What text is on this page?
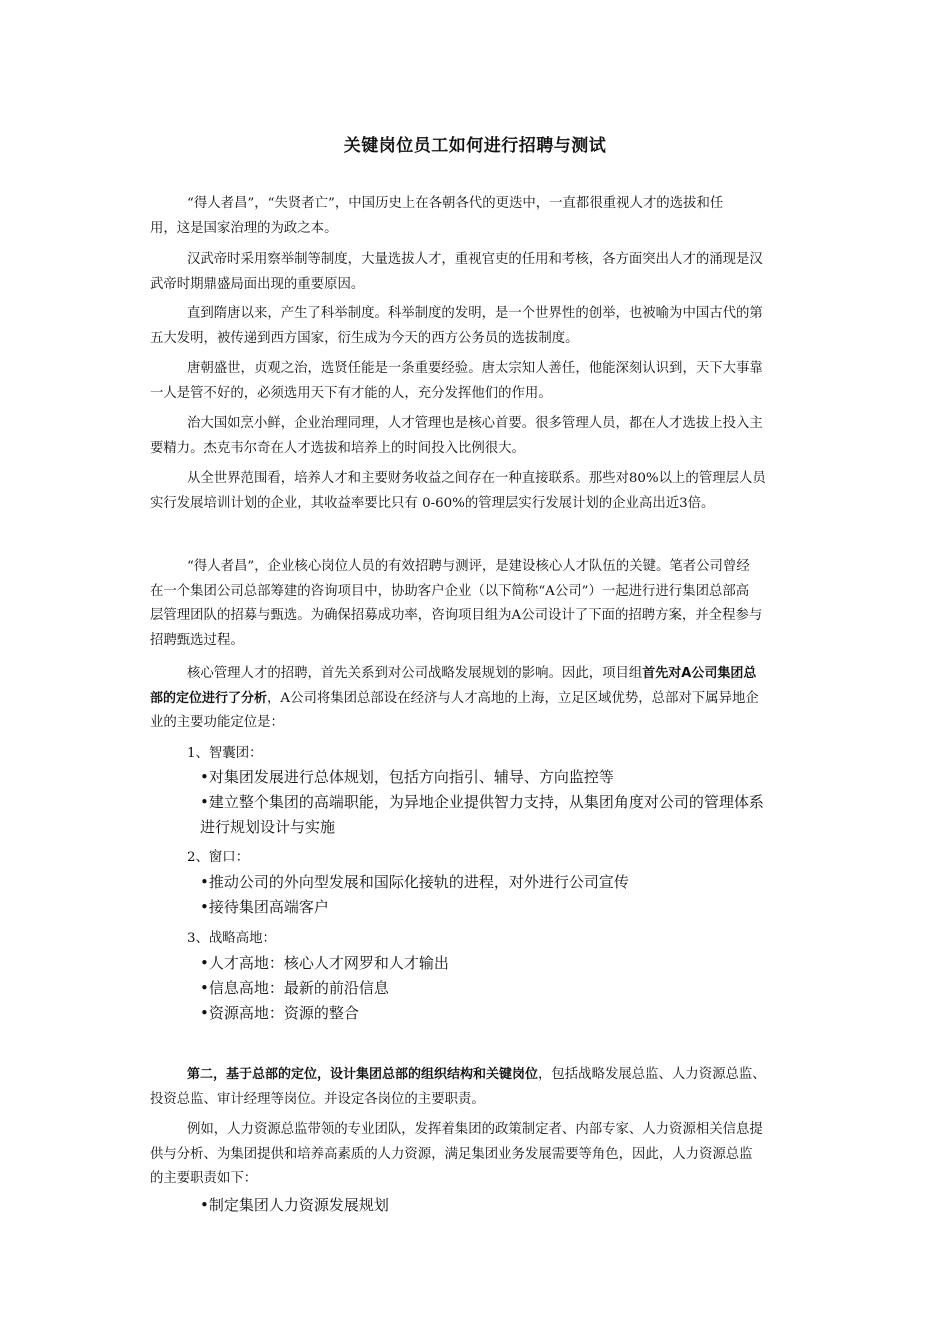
关键岗位员工如何进行招聘与测试

“得人者昌”，“失贤者亡”，中国历史上在各朝各代的更迭中，一直都很重视人才的选拔和任
用，这是国家治理的为政之本。

汉武帝时采用察举制等制度，大量选拔人才，重视官吏的任用和考核，各方面突出人才的涌现是汉
武帝时期鼎盛局面出现的重要原因。

直到隋唐以来，产生了科举制度。科举制度的发明，是一个世界性的创举，也被喻为中国古代的第
五大发明，被传递到西方国家，衍生成为今天的西方公务员的选拔制度。

唐朝盛世，贞观之治，选贤任能是一条重要经验。唐太宗知人善任，他能深刻认识到，天下大事靠
一人是管不好的，必须选用天下有才能的人，充分发挥他们的作用。

治大国如烹小鲜，企业治理同理，人才管理也是核心首要。很多管理人员，都在人才选拔上投入主
要精力。杰克韦尔奇在人才选拔和培养上的时间投入比例很大。

从全世界范围看，培养人才和主要财务收益之间存在一种直接联系。那些对80%以上的管理层人员
实行发展培训计划的企业，其收益率要比只有 0-60%的管理层实行发展计划的企业高出近3倍。

“得人者昌”，企业核心岗位人员的有效招聘与测评，是建设核心人才队伍的关键。笔者公司曾经
在一个集团公司总部筹建的咨询项目中，协助客户企业（以下简称“A公司”）一起进行进行集团总部高
层管理团队的招募与甄选。为确保招募成功率，咨询项目组为A公司设计了下面的招聘方案，并全程参与
招聘甄选过程。

核心管理人才的招聘，首先关系到对公司战略发展规划的影响。因此，项目组首先对A公司集团总
部的定位进行了分析，A公司将集团总部设在经济与人才高地的上海，立足区域优势，总部对下属异地企
业的主要功能定位是：

1、智囊团：

•对集团发展进行总体规划，包括方向指引、辅导、方向监控等

•建立整个集团的高端职能，为异地企业提供智力支持，从集团角度对公司的管理体系
进行规划设计与实施

2、窗口：

•推动公司的外向型发展和国际化接轨的进程，对外进行公司宣传

•接待集团高端客户

3、战略高地：

•人才高地：核心人才网罗和人才输出

•信息高地：最新的前沿信息

•资源高地：资源的整合

第二，基于总部的定位，设计集团总部的组织结构和关键岗位，包括战略发展总监、人力资源总监、
投资总监、审计经理等岗位。并设定各岗位的主要职责。

例如，人力资源总监带领的专业团队，发挥着集团的政策制定者、内部专家、人力资源相关信息提
供与分析、为集团提供和培养高素质的人力资源，满足集团业务发展需要等角色，因此，人力资源总监
的主要职责如下：

•制定集团人力资源发展规划
